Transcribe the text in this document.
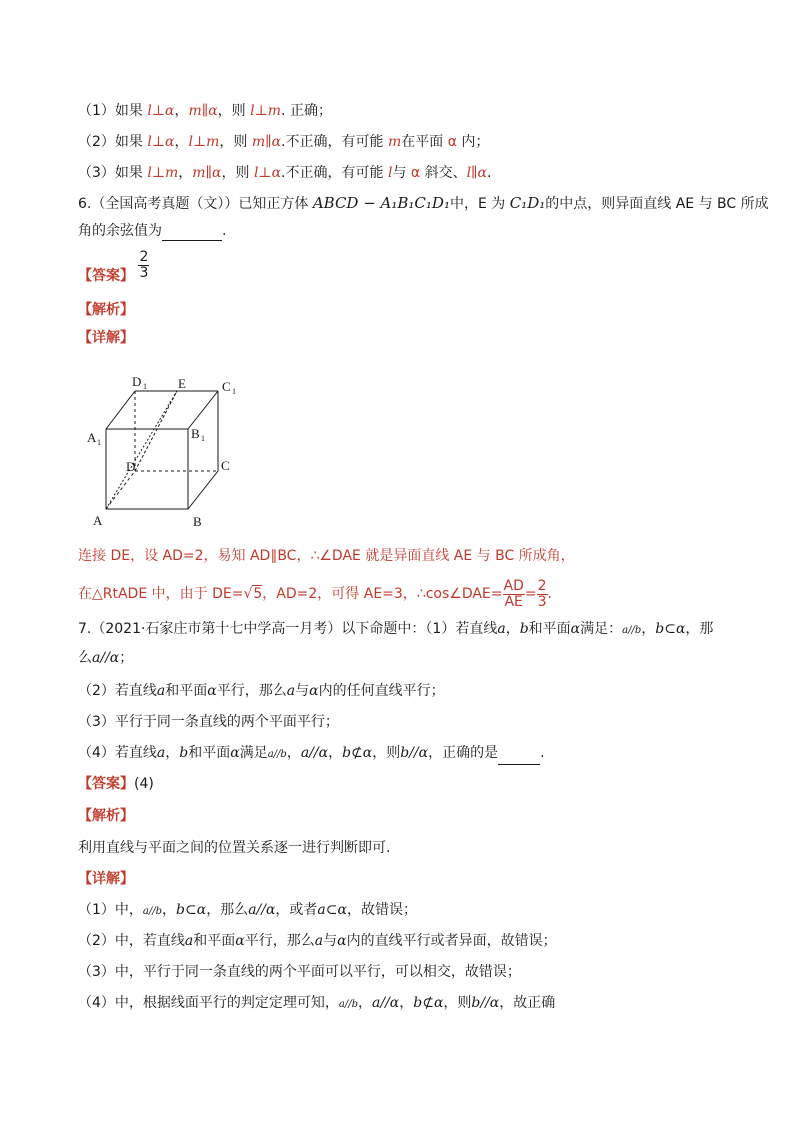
（1）如果 l⊥α，m∥α，则 l⊥m. 正确；
（2）如果 l⊥α，l⊥m，则 m∥α.不正确，有可能 m在平面 α 内；
（3）如果 l⊥m，m∥α，则 l⊥α.不正确，有可能 l与 α 斜交、l∥α.
6.（全国高考真题（文））已知正方体 ABCD − A₁B₁C₁D₁中，E 为 C₁D₁的中点，则异面直线 AE 与 BC 所成
角的余弦值为	.
【答案】 $\frac{2}{3}$
【解析】
【详解】
D 1 E	C 1
A 1
B 1
D	C
A	B
连接 DE，设 AD=2，易知 AD∥BC，∴∠DAE 就是异面直线 AE 与 BC 所成角，
在△RtADE 中，由于 DE=√5，AD=2，可得 AE=3，∴cos∠DAE= $\frac{AD}{AE} = \frac{2}{3}$ .
7.（2021·石家庄市第十七中学高一月考）以下命题中：（1）若直线a，b和平面α满足：a//b，b⊂α，那
么a//α；
（2）若直线a和平面α平行，那么a与α内的任何直线平行；
（3）平行于同一条直线的两个平面平行；
（4）若直线a，b和平面α满足a//b，a//α，b⊄α，则b//α，正确的是	.
【答案】(4)
【解析】
利用直线与平面之间的位置关系逐一进行判断即可.
【详解】
（1）中，a//b，b⊂α，那么a//α，或者a⊂α，故错误；
（2）中，若直线a和平面α平行，那么a与α内的直线平行或者异面，故错误；
（3）中，平行于同一条直线的两个平面可以平行，可以相交，故错误；
（4）中，根据线面平行的判定定理可知，a//b，a//α，b⊄α，则b//α，故正确
